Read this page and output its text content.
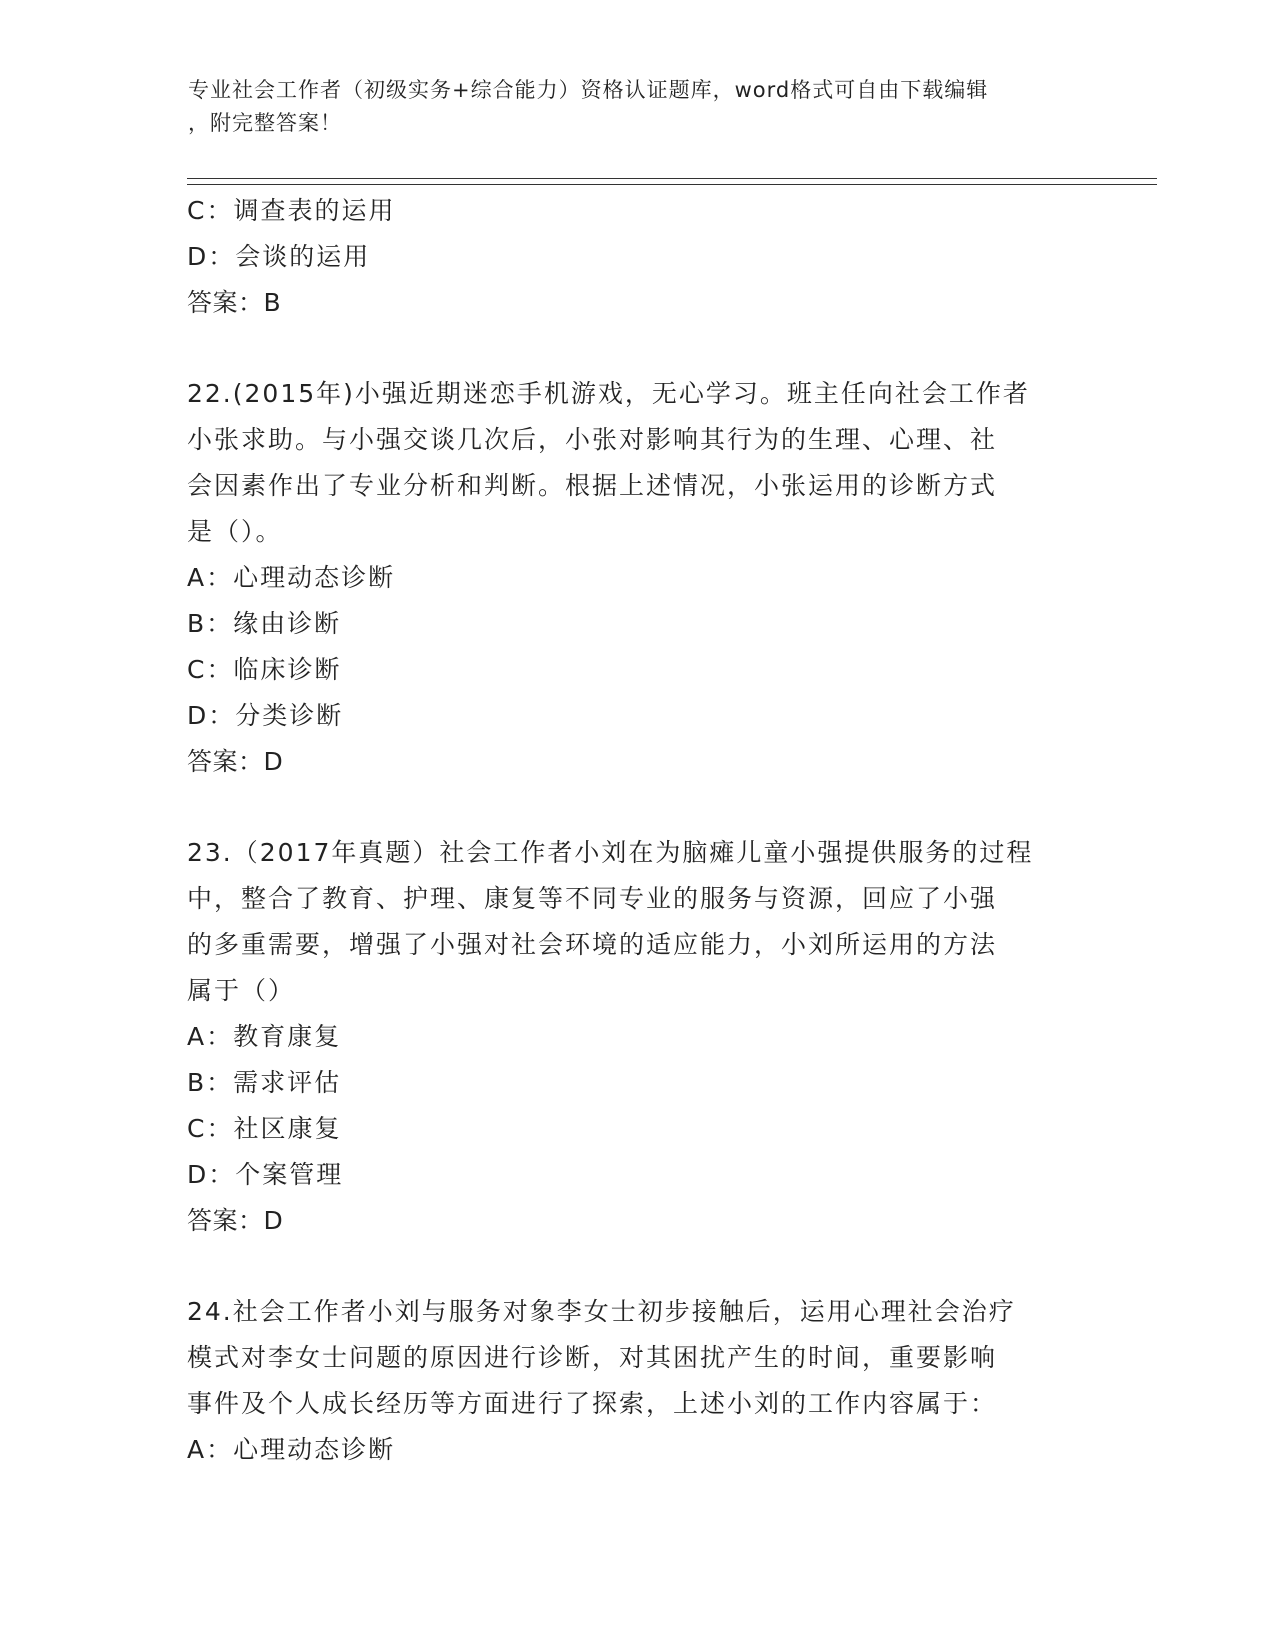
专业社会工作者（初级实务+综合能力）资格认证题库，word格式可自由下载编辑
，附完整答案！
C：调查表的运用
D：会谈的运用
答案：B
22.(2015年)小强近期迷恋手机游戏，无心学习。班主任向社会工作者
小张求助。与小强交谈几次后，小张对影响其行为的生理、心理、社
会因素作出了专业分析和判断。根据上述情况，小张运用的诊断方式
是（）。
A：心理动态诊断
B：缘由诊断
C：临床诊断
D：分类诊断
答案：D
23.（2017年真题）社会工作者小刘在为脑瘫儿童小强提供服务的过程
中，整合了教育、护理、康复等不同专业的服务与资源，回应了小强
的多重需要，增强了小强对社会环境的适应能力，小刘所运用的方法
属于（）
A：教育康复
B：需求评估
C：社区康复
D：个案管理
答案：D
24.社会工作者小刘与服务对象李女士初步接触后，运用心理社会治疗
模式对李女士问题的原因进行诊断，对其困扰产生的时间，重要影响
事件及个人成长经历等方面进行了探索，上述小刘的工作内容属于：
A：心理动态诊断
